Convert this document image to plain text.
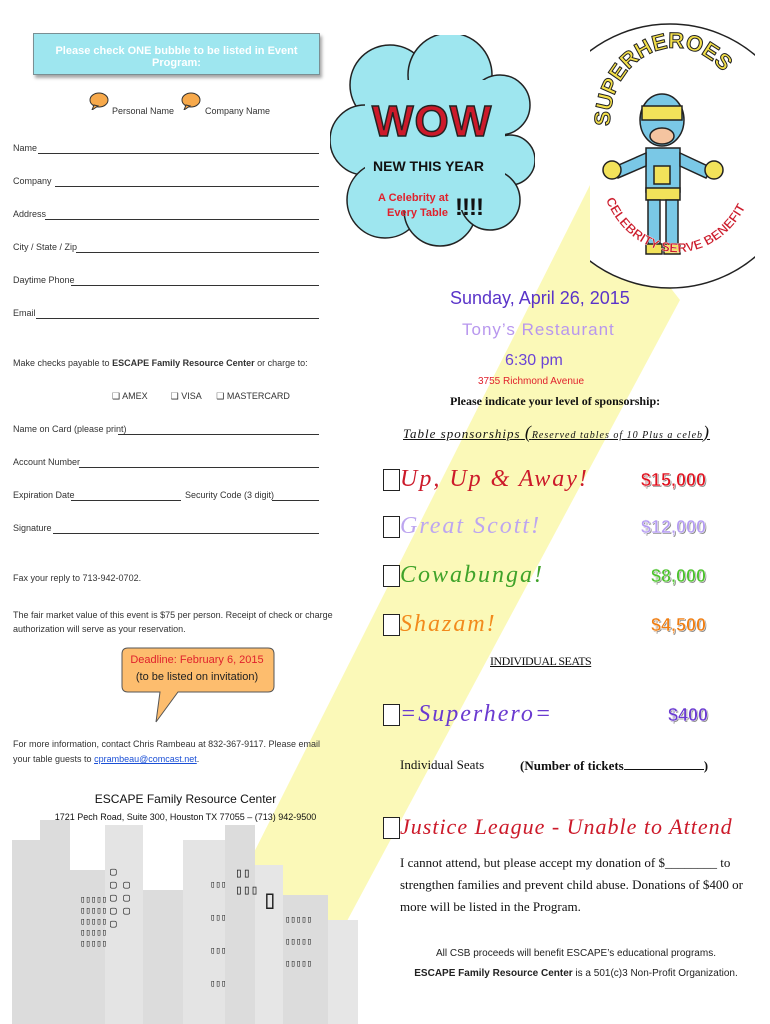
▯▯▯▯▯
▯▯▯▯▯
▯▯▯▯▯
▯▯▯▯▯
▯▯▯▯▯
▢
▢ ▢
▢ ▢
▢ ▢
▢
▯▯▯

▯▯▯

▯▯▯

▯▯▯
▯▯
▯▯▯ ▯
▯▯▯▯▯

▯▯▯▯▯

▯▯▯▯▯
Please check ONE bubble to be listed in Event Program:
Personal Name	Company Name
Name
Company
Address
City / State / Zip
Daytime Phone
Email
Make checks payable to ESCAPE Family Resource Center or charge to:
❑ AMEX	❑ VISA ❑ MASTERCARD
Name on Card (please print)
Account Number
Expiration Date	Security Code (3 digit)
Signature
Fax your reply to 713-942-0702.
The fair market value of this event is $75 per person. Receipt of check or charge authorization will serve as your reservation.
Deadline: February 6, 2015
(to be listed on invitation)
For more information, contact Chris Rambeau at 832-367-9117. Please email
your table guests to cprambeau@comcast.net.
ESCAPE Family Resource Center
1721 Pech Road, Suite 300, Houston TX 77055 – (713) 942-9500
WOW
NEW THIS YEAR
A Celebrity at
Every Table !!!!
SUPERHEROES
CELEBRITY SERVE BENEFIT
Sunday, April 26, 2015
Tony’s Restaurant
6:30 pm
3755 Richmond Avenue
Please indicate your level of sponsorship:
Table sponsorships (Reserved tables of 10 Plus a celeb)
Up, Up & Away!	$15,000
Great Scott!	$12,000
Cowabunga!	$8,000
Shazam!	$4,500
INDIVIDUAL SEATS
=Superhero=	$400
Individual Seats	(Number of tickets	)
Justice League - Unable to Attend
I cannot attend, but please accept my donation of $________ to strengthen families and prevent child abuse. Donations of $400 or more will be listed in the Program.
All CSB proceeds will benefit ESCAPE’s educational programs.
ESCAPE Family Resource Center is a 501(c)3 Non-Profit Organization.
